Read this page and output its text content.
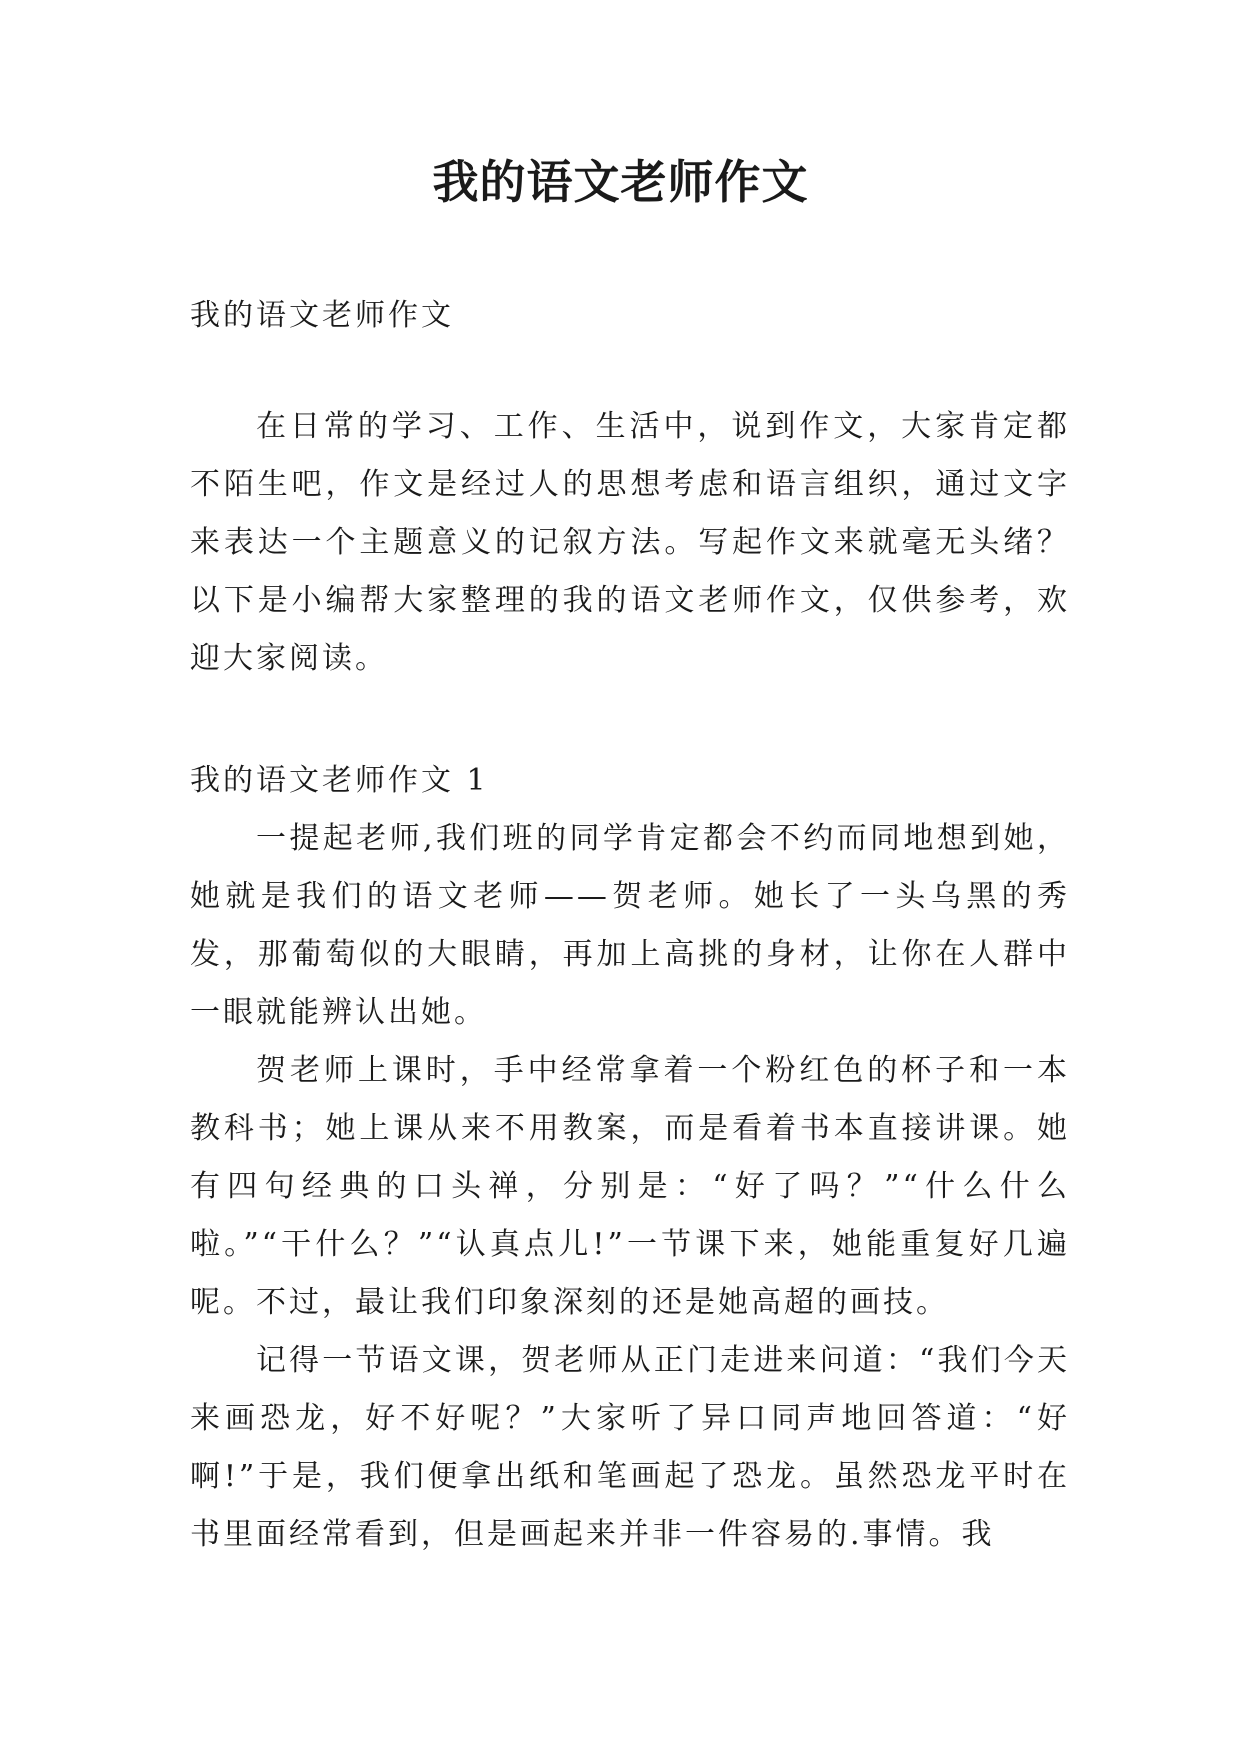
我的语文老师作文

我的语文老师作文

在日常的学习、工作、生活中，说到作文，大家肯定都不陌生吧，作文是经过人的思想考虑和语言组织，通过文字来表达一个主题意义的记叙方法。写起作文来就毫无头绪？以下是小编帮大家整理的我的语文老师作文，仅供参考，欢迎大家阅读。

我的语文老师作文 1

一提起老师,我们班的同学肯定都会不约而同地想到她，她就是我们的语文老师——贺老师。她长了一头乌黑的秀发，那葡萄似的大眼睛，再加上高挑的身材，让你在人群中一眼就能辨认出她。

贺老师上课时，手中经常拿着一个粉红色的杯子和一本教科书；她上课从来不用教案，而是看着书本直接讲课。她有四句经典的口头禅，分别是：“好了吗？”“什么什么啦。”“干什么？”“认真点儿!”一节课下来，她能重复好几遍呢。不过，最让我们印象深刻的还是她高超的画技。

记得一节语文课，贺老师从正门走进来问道：“我们今天来画恐龙，好不好呢？”大家听了异口同声地回答道：“好啊!”于是，我们便拿出纸和笔画起了恐龙。虽然恐龙平时在书里面经常看到，但是画起来并非一件容易的.事情。我
